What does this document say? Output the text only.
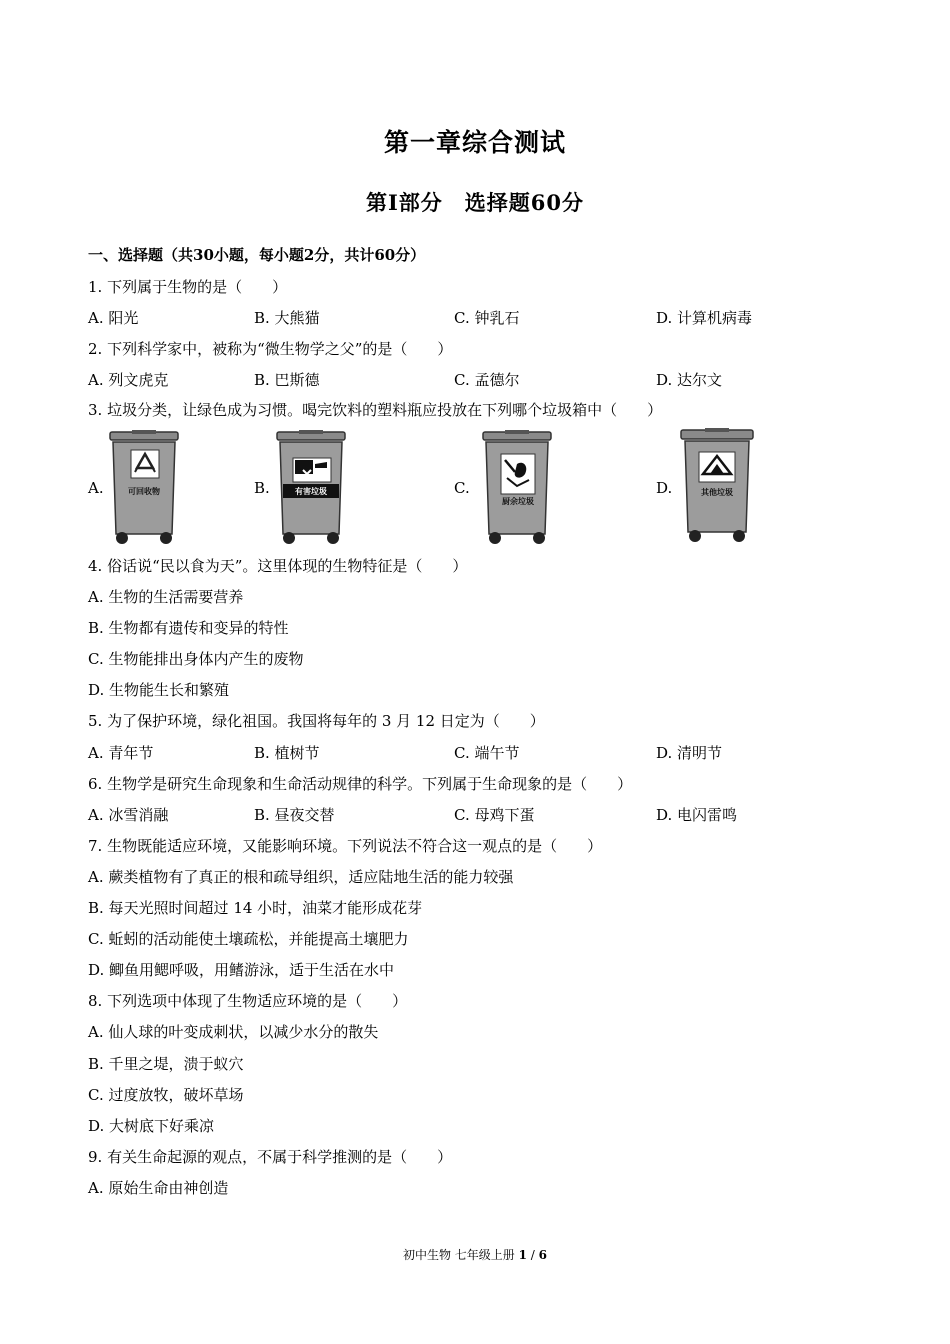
第一章综合测试
第Ⅰ部分　选择题60分
一、选择题（共30小题，每小题2分，共计60分）
1. 下列属于生物的是（　　）
A. 阳光	B. 大熊猫	C. 钟乳石	D. 计算机病毒
2. 下列科学家中，被称为“微生物学之父”的是（　　）
A. 列文虎克	B. 巴斯德	C. 孟德尔	D. 达尔文
3. 垃圾分类，让绿色成为习惯。喝完饮料的塑料瓶应投放在下列哪个垃圾箱中（　　）
A.	B.	C.	D.
可回收物	有害垃圾
厨余垃圾
其他垃圾
4. 俗话说“民以食为天”。这里体现的生物特征是（　　）
A. 生物的生活需要营养
B. 生物都有遗传和变异的特性
C. 生物能排出身体内产生的废物
D. 生物能生长和繁殖
5. 为了保护环境，绿化祖国。我国将每年的 3 月 12 日定为（　　）
A. 青年节	B. 植树节	C. 端午节	D. 清明节
6. 生物学是研究生命现象和生命活动规律的科学。下列属于生命现象的是（　　）
A. 冰雪消融	B. 昼夜交替	C. 母鸡下蛋	D. 电闪雷鸣
7. 生物既能适应环境，又能影响环境。下列说法不符合这一观点的是（　　）
A. 蕨类植物有了真正的根和疏导组织，适应陆地生活的能力较强
B. 每天光照时间超过 14 小时，油菜才能形成花芽
C. 蚯蚓的活动能使土壤疏松，并能提高土壤肥力
D. 鲫鱼用鳃呼吸，用鳍游泳，适于生活在水中
8. 下列选项中体现了生物适应环境的是（　　）
A. 仙人球的叶变成刺状，以减少水分的散失
B. 千里之堤，溃于蚁穴
C. 过度放牧，破坏草场
D. 大树底下好乘凉
9. 有关生命起源的观点，不属于科学推测的是（　　）
A. 原始生命由神创造
初中生物 七年级上册 1 / 6
